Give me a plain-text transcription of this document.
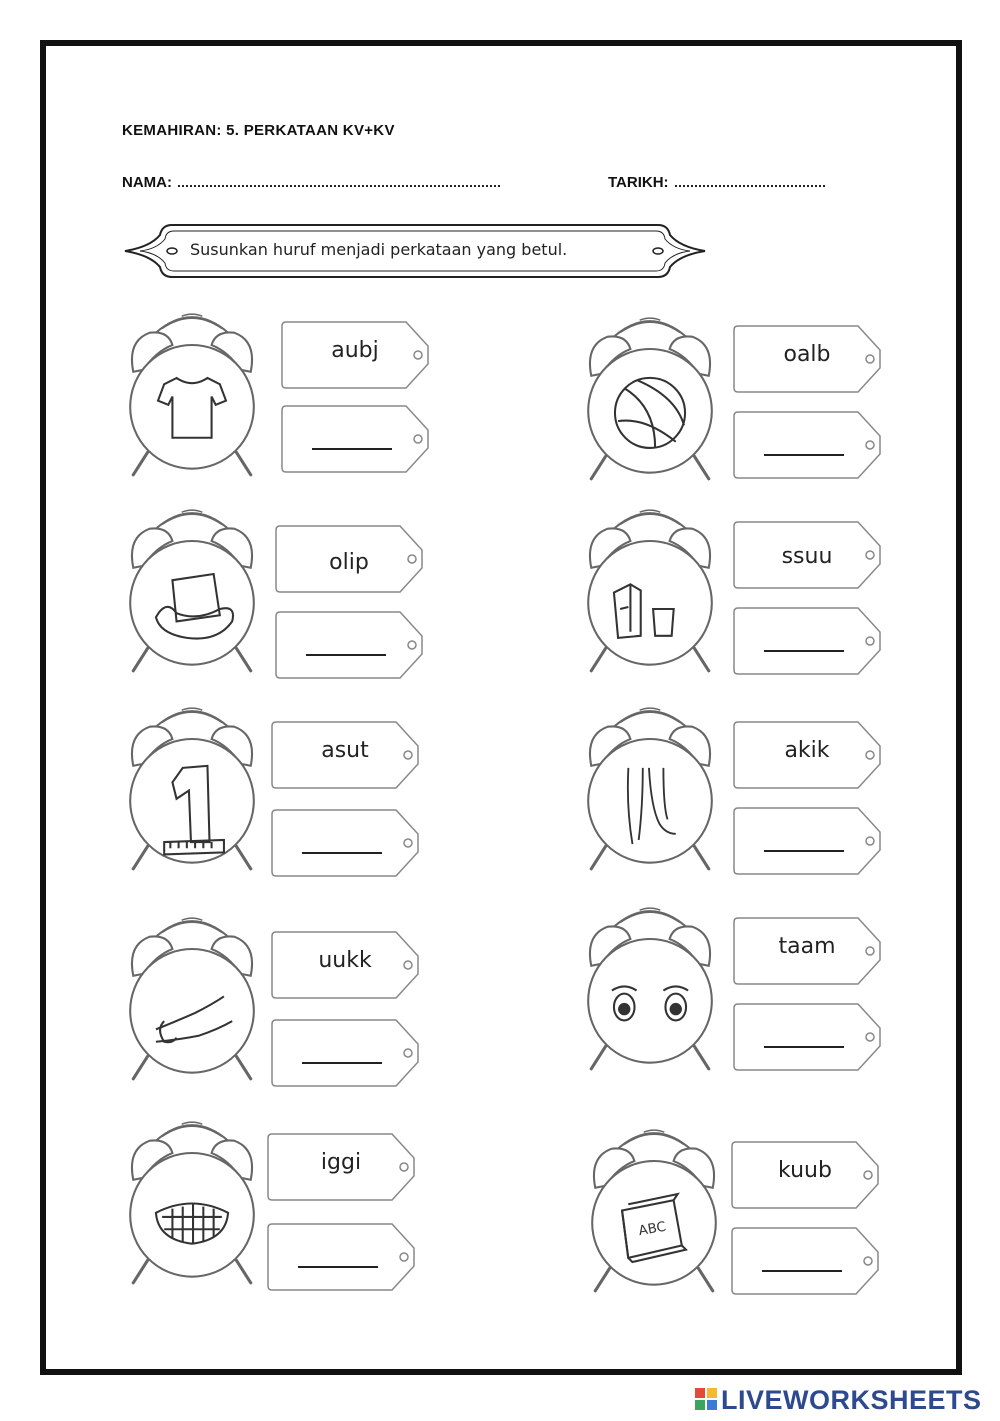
KEMAHIRAN: 5. PERKATAAN KV+KV
NAMA:	TARIKH:
Susunkan huruf menjadi perkataan yang betul.
aubj	oalb
olip	ssuu
asut	akik
uukk
taam
iggi
ABC
kuub
LIVEWORKSHEETS
